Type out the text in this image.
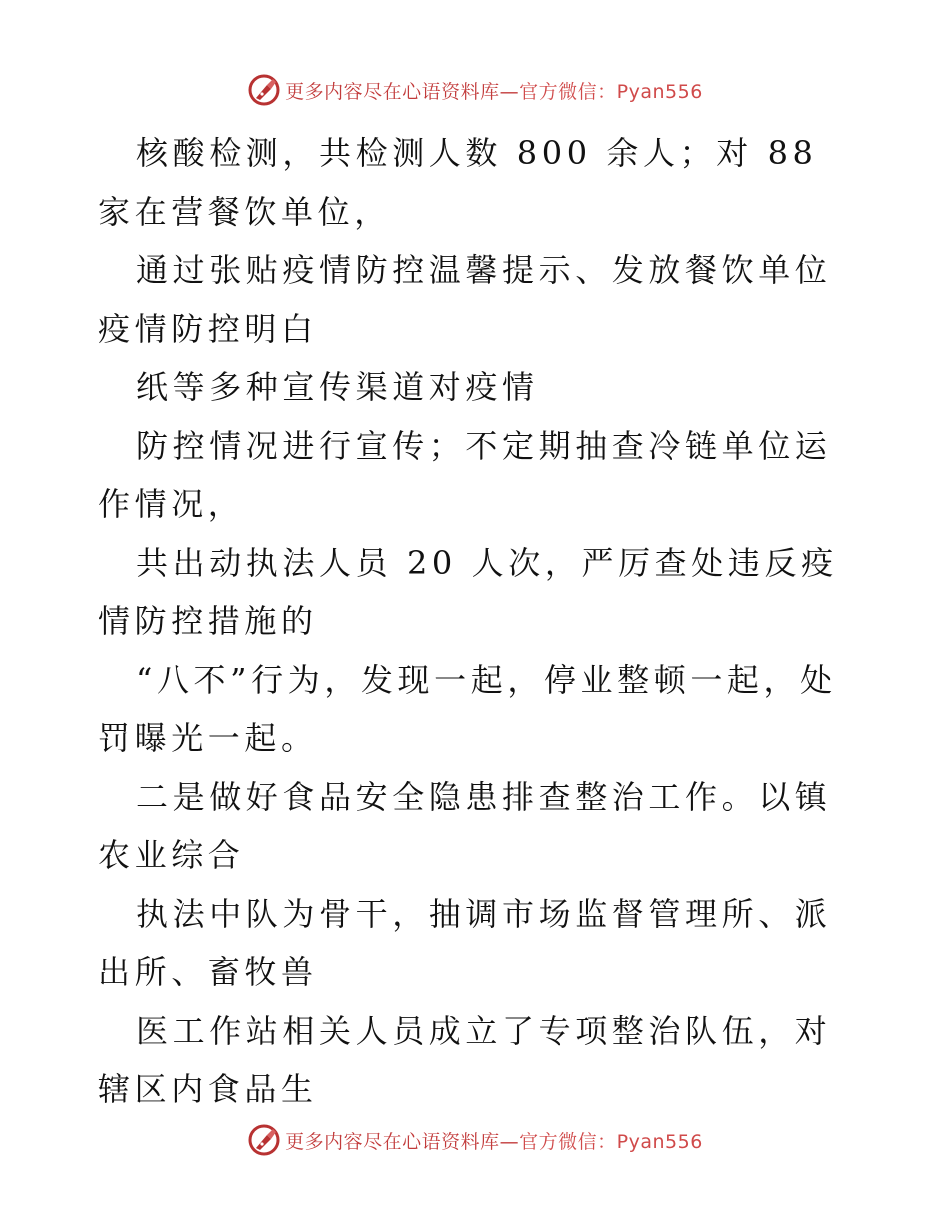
更多内容尽在心语资料库—官方微信：Pyan556

核酸检测，共检测人数 800 余人；对 88 家在营餐饮单位，

通过张贴疫情防控温馨提示、发放餐饮单位疫情防控明白

纸等多种宣传渠道对疫情

防控情况进行宣传；不定期抽查冷链单位运作情况，

共出动执法人员 20 人次，严厉查处违反疫情防控措施的

“八不”行为，发现一起，停业整顿一起，处罚曝光一起。

二是做好食品安全隐患排查整治工作。以镇农业综合

执法中队为骨干，抽调市场监督管理所、派出所、畜牧兽

医工作站相关人员成立了专项整治队伍，对辖区内食品生

更多内容尽在心语资料库—官方微信：Pyan556
